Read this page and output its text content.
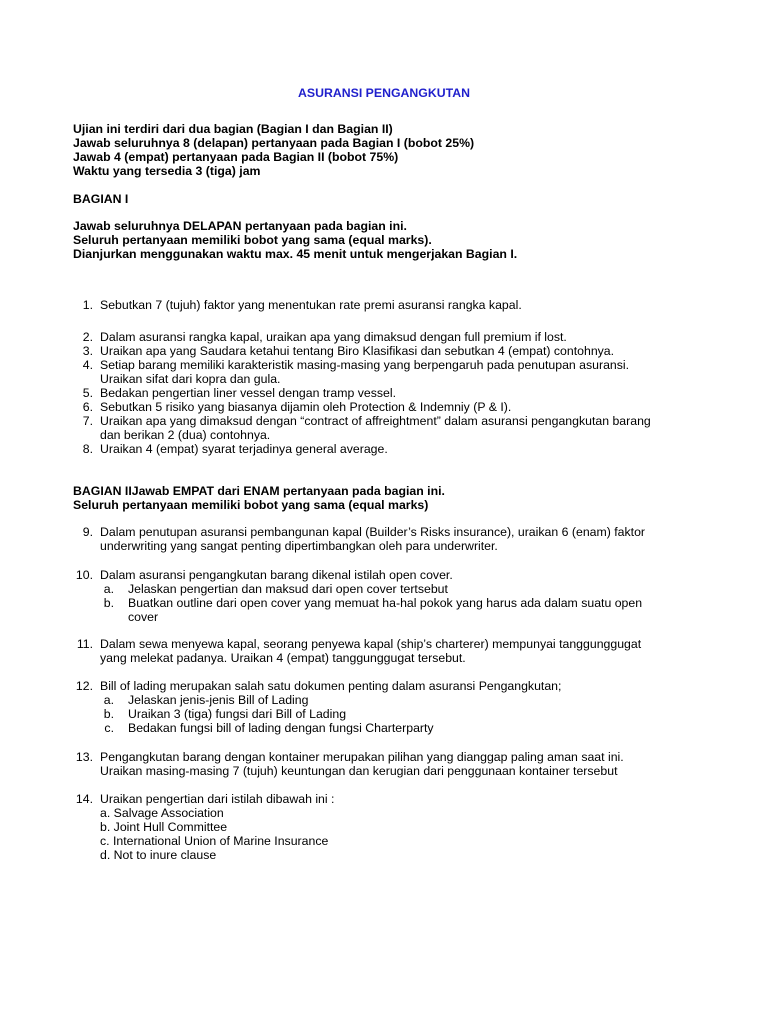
ASURANSI PENGANGKUTAN
Ujian ini terdiri dari dua bagian (Bagian I dan Bagian II)
Jawab seluruhnya 8 (delapan) pertanyaan pada Bagian I (bobot 25%)
Jawab 4 (empat) pertanyaan pada Bagian II (bobot 75%)
Waktu yang tersedia 3 (tiga) jam
BAGIAN I
Jawab seluruhnya DELAPAN pertanyaan pada bagian ini.
Seluruh pertanyaan memiliki bobot yang sama (equal marks).
Dianjurkan menggunakan waktu max. 45 menit untuk mengerjakan Bagian I.
1. Sebutkan 7 (tujuh) faktor yang menentukan rate premi asuransi rangka kapal.
2. Dalam asuransi rangka kapal, uraikan apa yang dimaksud dengan full premium if lost.
3. Uraikan apa yang Saudara ketahui tentang Biro Klasifikasi dan sebutkan 4 (empat) contohnya.
4. Setiap barang memiliki karakteristik masing-masing yang berpengaruh pada penutupan asuransi.
Uraikan sifat dari kopra dan gula.
5. Bedakan pengertian liner vessel dengan tramp vessel.
6. Sebutkan 5 risiko yang biasanya dijamin oleh Protection & Indemniy (P & I).
7. Uraikan apa yang dimaksud dengan “contract of affreightment” dalam asuransi pengangkutan barang
dan berikan 2 (dua) contohnya.
8. Uraikan 4 (empat) syarat terjadinya general average.
BAGIAN IIJawab EMPAT dari ENAM pertanyaan pada bagian ini.
Seluruh pertanyaan memiliki bobot yang sama (equal marks)
9. Dalam penutupan asuransi pembangunan kapal (Builder’s Risks insurance), uraikan 6 (enam) faktor
underwriting yang sangat penting dipertimbangkan oleh para underwriter.
10. Dalam asuransi pengangkutan barang dikenal istilah open cover.
a. Jelaskan pengertian dan maksud dari open cover tertsebut
b. Buatkan outline dari open cover yang memuat ha-hal pokok yang harus ada dalam suatu open
cover
11. Dalam sewa menyewa kapal, seorang penyewa kapal (ship’s charterer) mempunyai tanggunggugat
yang melekat padanya. Uraikan 4 (empat) tanggunggugat tersebut.
12. Bill of lading merupakan salah satu dokumen penting dalam asuransi Pengangkutan;
a. Jelaskan jenis-jenis Bill of Lading
b. Uraikan 3 (tiga) fungsi dari Bill of Lading
c. Bedakan fungsi bill of lading dengan fungsi Charterparty
13. Pengangkutan barang dengan kontainer merupakan pilihan yang dianggap paling aman saat ini.
Uraikan masing-masing 7 (tujuh) keuntungan dan kerugian dari penggunaan kontainer tersebut
14. Uraikan pengertian dari istilah dibawah ini :
a. Salvage Association
b. Joint Hull Committee
c. International Union of Marine Insurance
d. Not to inure clause
